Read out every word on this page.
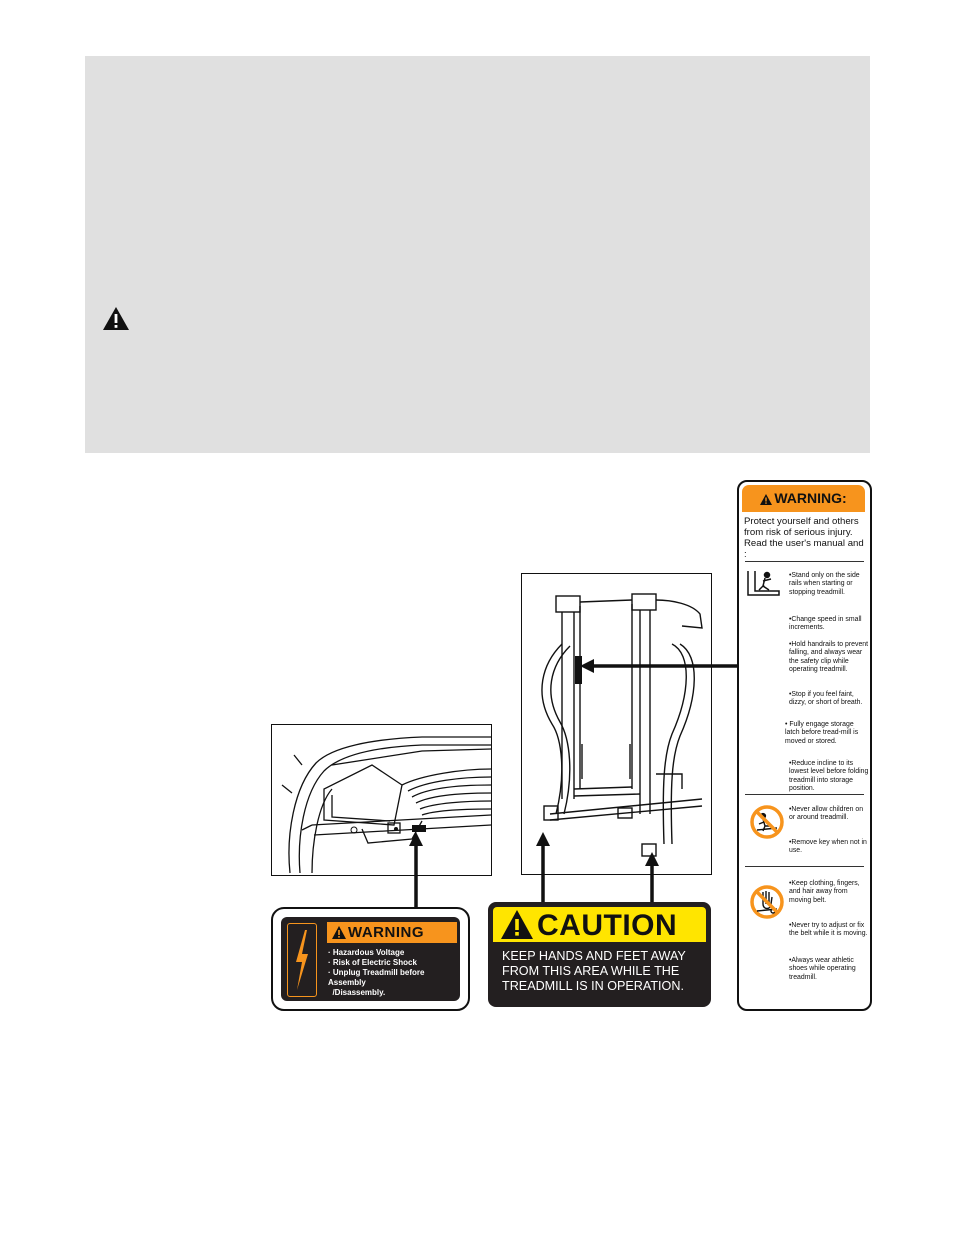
WARNING:
Protect yourself and others from risk of serious injury. Read the user's manual and :
•Stand only on the side rails when starting or stopping treadmill.
•Change speed in small increments.
•Hold handrails to prevent falling, and always wear the safety clip while operating treadmill.
•Stop if you feel faint, dizzy, or short of breath.
• Fully engage storage latch before tread-mill is moved or stored.
•Reduce incline to its lowest level before folding treadmill into storage position.
•Never allow children on or around treadmill.
•Remove key when not in use.
•Keep clothing, fingers, and hair away from moving belt.
•Never try to adjust or fix the belt while it is moving.
•Always wear athletic shoes while operating treadmill.
WARNING
· Hazardous Voltage
· Risk of Electric Shock
· Unplug Treadmill before Assembly
/Disassembly.
CAUTION
KEEP HANDS AND FEET AWAY FROM THIS AREA WHILE THE TREADMILL IS IN OPERATION.
